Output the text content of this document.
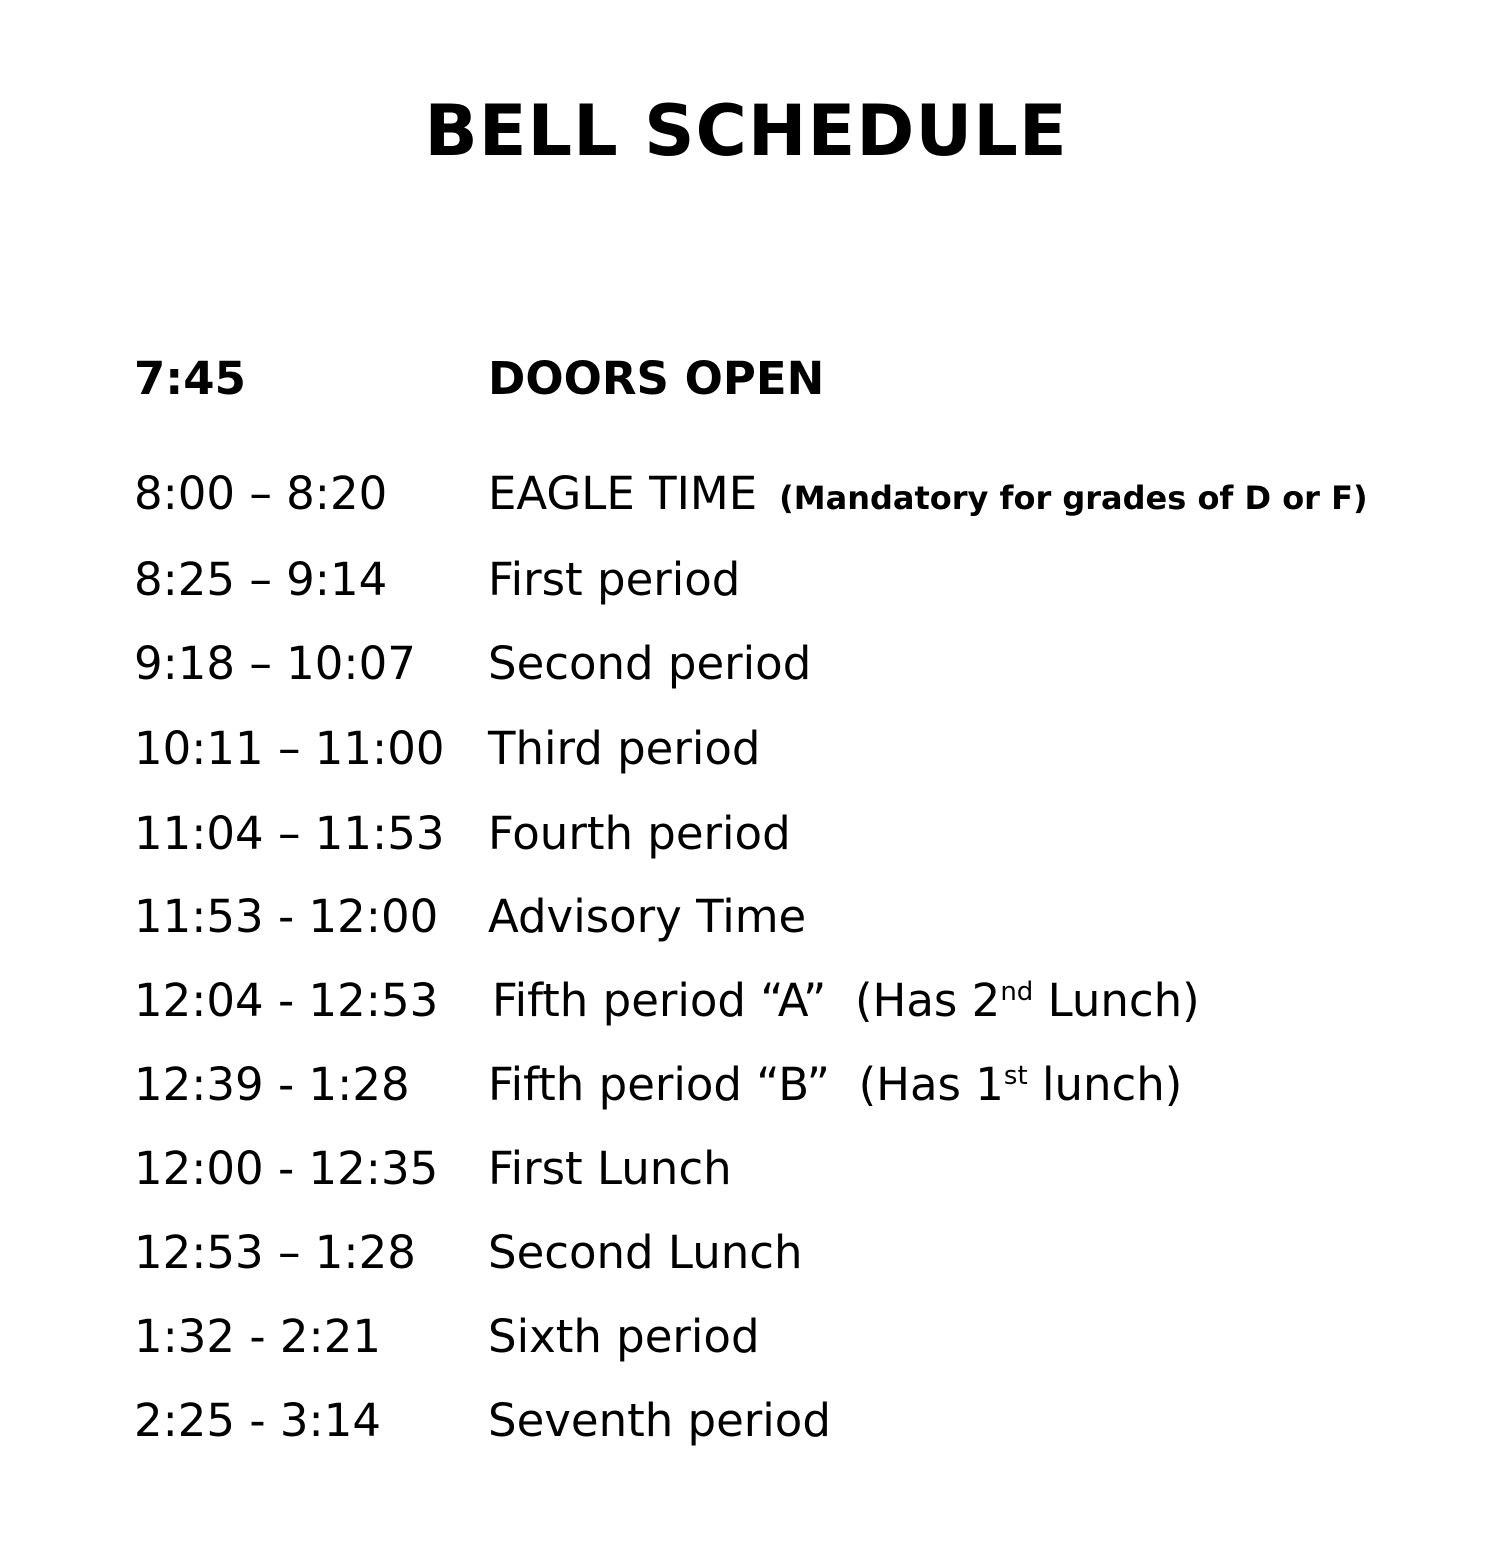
BELL SCHEDULE
7:45	DOORS OPEN
8:00 – 8:20 EAGLE TIME (Mandatory for grades of D or F)
8:25 – 9:14 First period
9:18 – 10:07 Second period
10:11 – 11:00 Third period
11:04 – 11:53 Fourth period
11:53 - 12:00 Advisory Time
12:04 - 12:53 Fifth period “A” (Has 2nd Lunch)
12:39 - 1:28 Fifth period “B” (Has 1st lunch)
12:00 - 12:35 First Lunch
12:53 – 1:28 Second Lunch
1:32 - 2:21 Sixth period
2:25 - 3:14 Seventh period
